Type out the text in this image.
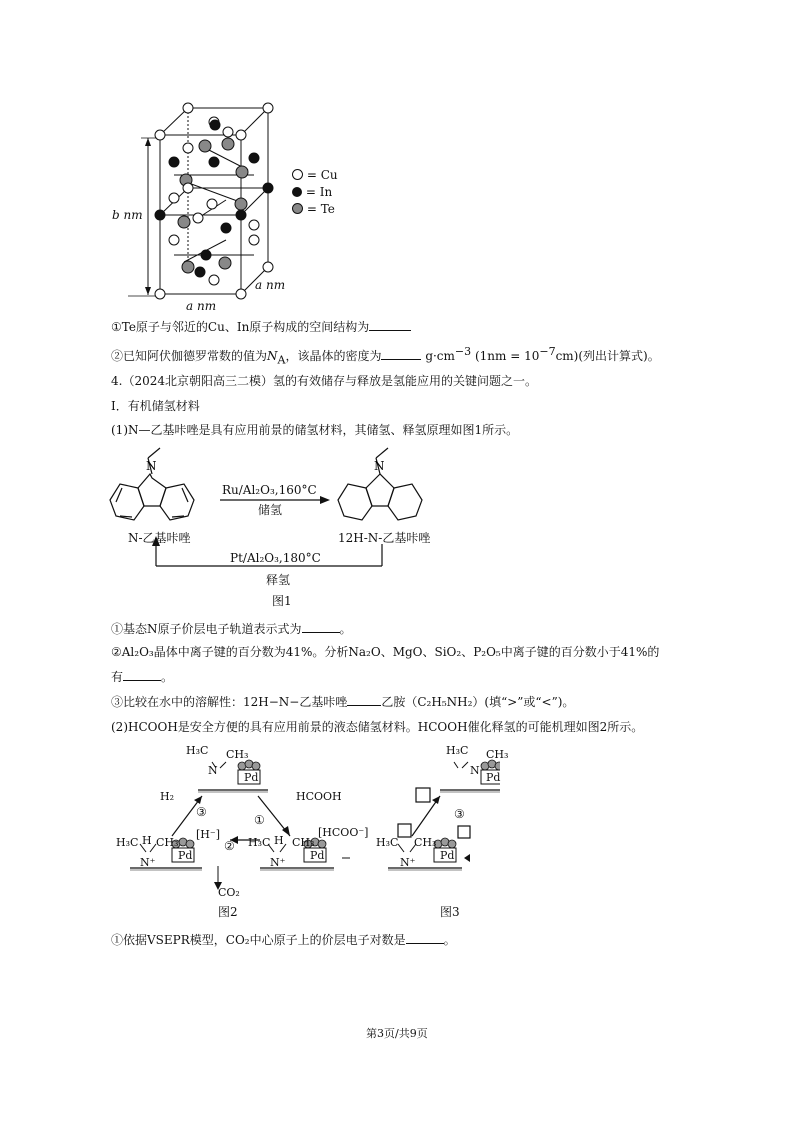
b nm
a nm
a nm
= Cu
= In
= Te
①Te原子与邻近的Cu、In原子构成的空间结构为
②已知阿伏伽德罗常数的值为$N_A$，该晶体的密度为	$g\cdot cm^{-3}$ $(1nm = 10^{-7}cm)$(列出计算式)。
4.（2024北京朝阳高三二模）氢的有效储存与释放是氢能应用的关键问题之一。
I．有机储氢材料
(1)N—乙基咔唑是具有应用前景的储氢材料，其储氢、释氢原理如图1所示。
N	N
Ru/Al₂O₃,160°C
储氢
N-乙基咔唑	12H-N-乙基咔唑
Pt/Al₂O₃,180°C
释氢
图1
①基态N原子价层电子轨道表示式为	。
②Al₂O₃晶体中离子键的百分数为41%。分析Na₂O、MgO、SiO₂、P₂O₅中离子键的百分数小于41%的
有	。
③比较在水中的溶解性：12H−N−乙基咔唑	乙胺（C₂H₅NH₂）(填“>”或“<”)。
(2)HCOOH是安全方便的具有应用前景的液态储氢材料。HCOOH催化释氢的可能机理如图2所示。
H₃C CH₃
N
Pd
H₂	HCOOH
③
①
[H⁻]	[HCOO⁻]
H₃C H CH₃	H₃C H CH₃
②
N⁺
Pd
N⁺
Pd
CO₂
图2
H₃C CH₃
N
Pd
③
H₃C CH₃
N⁺
Pd
图3
①依据VSEPR模型，CO₂中心原子上的价层电子对数是	。
第3页/共9页
